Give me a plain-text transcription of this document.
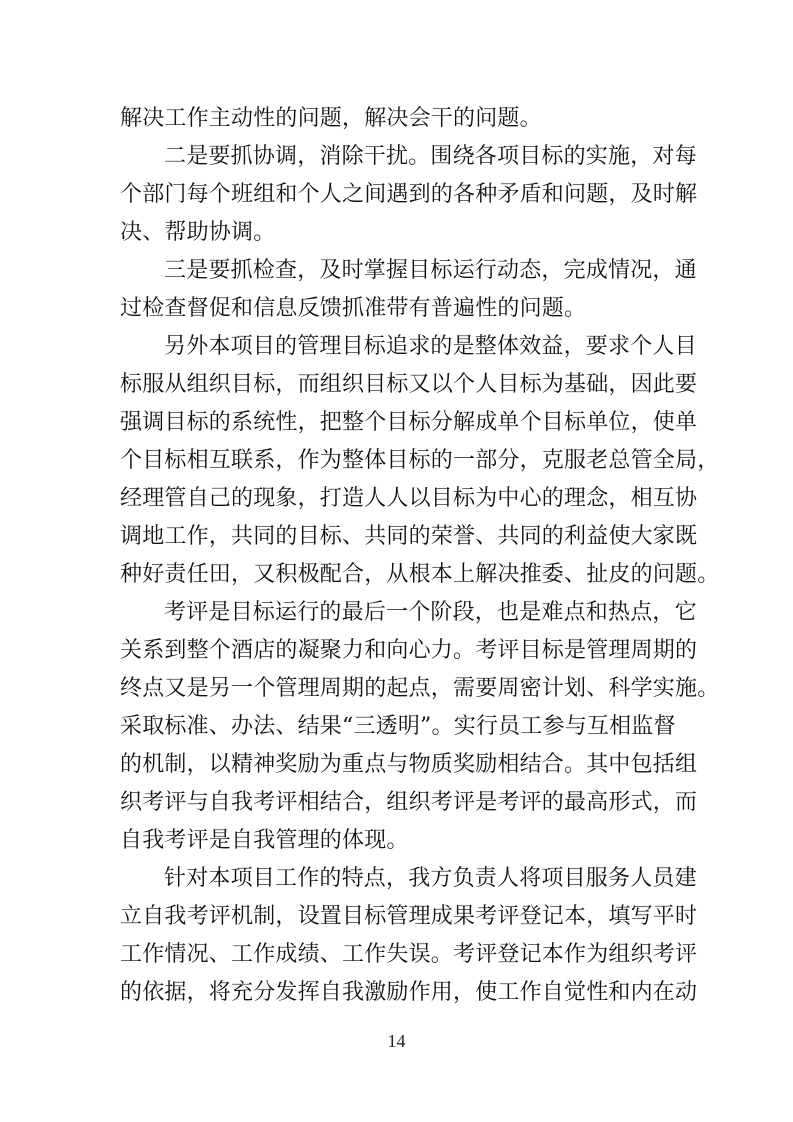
解决工作主动性的问题，解决会干的问题。
二是要抓协调，消除干扰。围绕各项目标的实施，对每
个部门每个班组和个人之间遇到的各种矛盾和问题，及时解
决、帮助协调。
三是要抓检查，及时掌握目标运行动态，完成情况，通
过检查督促和信息反馈抓准带有普遍性的问题。
另外本项目的管理目标追求的是整体效益，要求个人目
标服从组织目标，而组织目标又以个人目标为基础，因此要
强调目标的系统性，把整个目标分解成单个目标单位，使单
个目标相互联系，作为整体目标的一部分，克服老总管全局，
经理管自己的现象，打造人人以目标为中心的理念，相互协
调地工作，共同的目标、共同的荣誉、共同的利益使大家既
种好责任田，又积极配合，从根本上解决推委、扯皮的问题。
考评是目标运行的最后一个阶段，也是难点和热点，它
关系到整个酒店的凝聚力和向心力。考评目标是管理周期的
终点又是另一个管理周期的起点，需要周密计划、科学实施。
采取标准、办法、结果“三透明”。实行员工参与互相监督
的机制，以精神奖励为重点与物质奖励相结合。其中包括组
织考评与自我考评相结合，组织考评是考评的最高形式，而
自我考评是自我管理的体现。
针对本项目工作的特点，我方负责人将项目服务人员建
立自我考评机制，设置目标管理成果考评登记本，填写平时
工作情况、工作成绩、工作失误。考评登记本作为组织考评
的依据，将充分发挥自我激励作用，使工作自觉性和内在动
14
